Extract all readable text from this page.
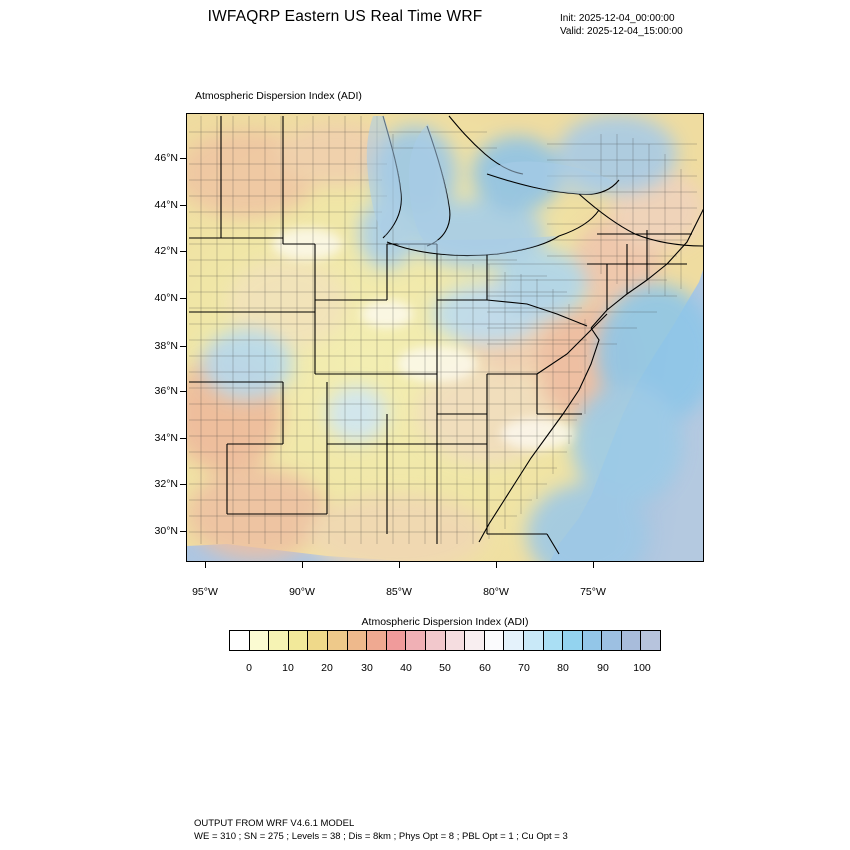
IWFAQRP Eastern US Real Time WRF	Init: 2025-12-04_00:00:00
Valid: 2025-12-04_15:00:00
Atmospheric Dispersion Index (ADI)
46°N
44°N
42°N
40°N
38°N
36°N
34°N
32°N
30°N
95°W	90°W	85°W	80°W	75°W
Atmospheric Dispersion Index (ADI)
0	10	20	30	40	50	60	70	80	90	100
OUTPUT FROM WRF V4.6.1 MODEL
WE = 310 ; SN = 275 ; Levels = 38 ; Dis = 8km ; Phys Opt = 8 ; PBL Opt = 1 ; Cu Opt = 3
